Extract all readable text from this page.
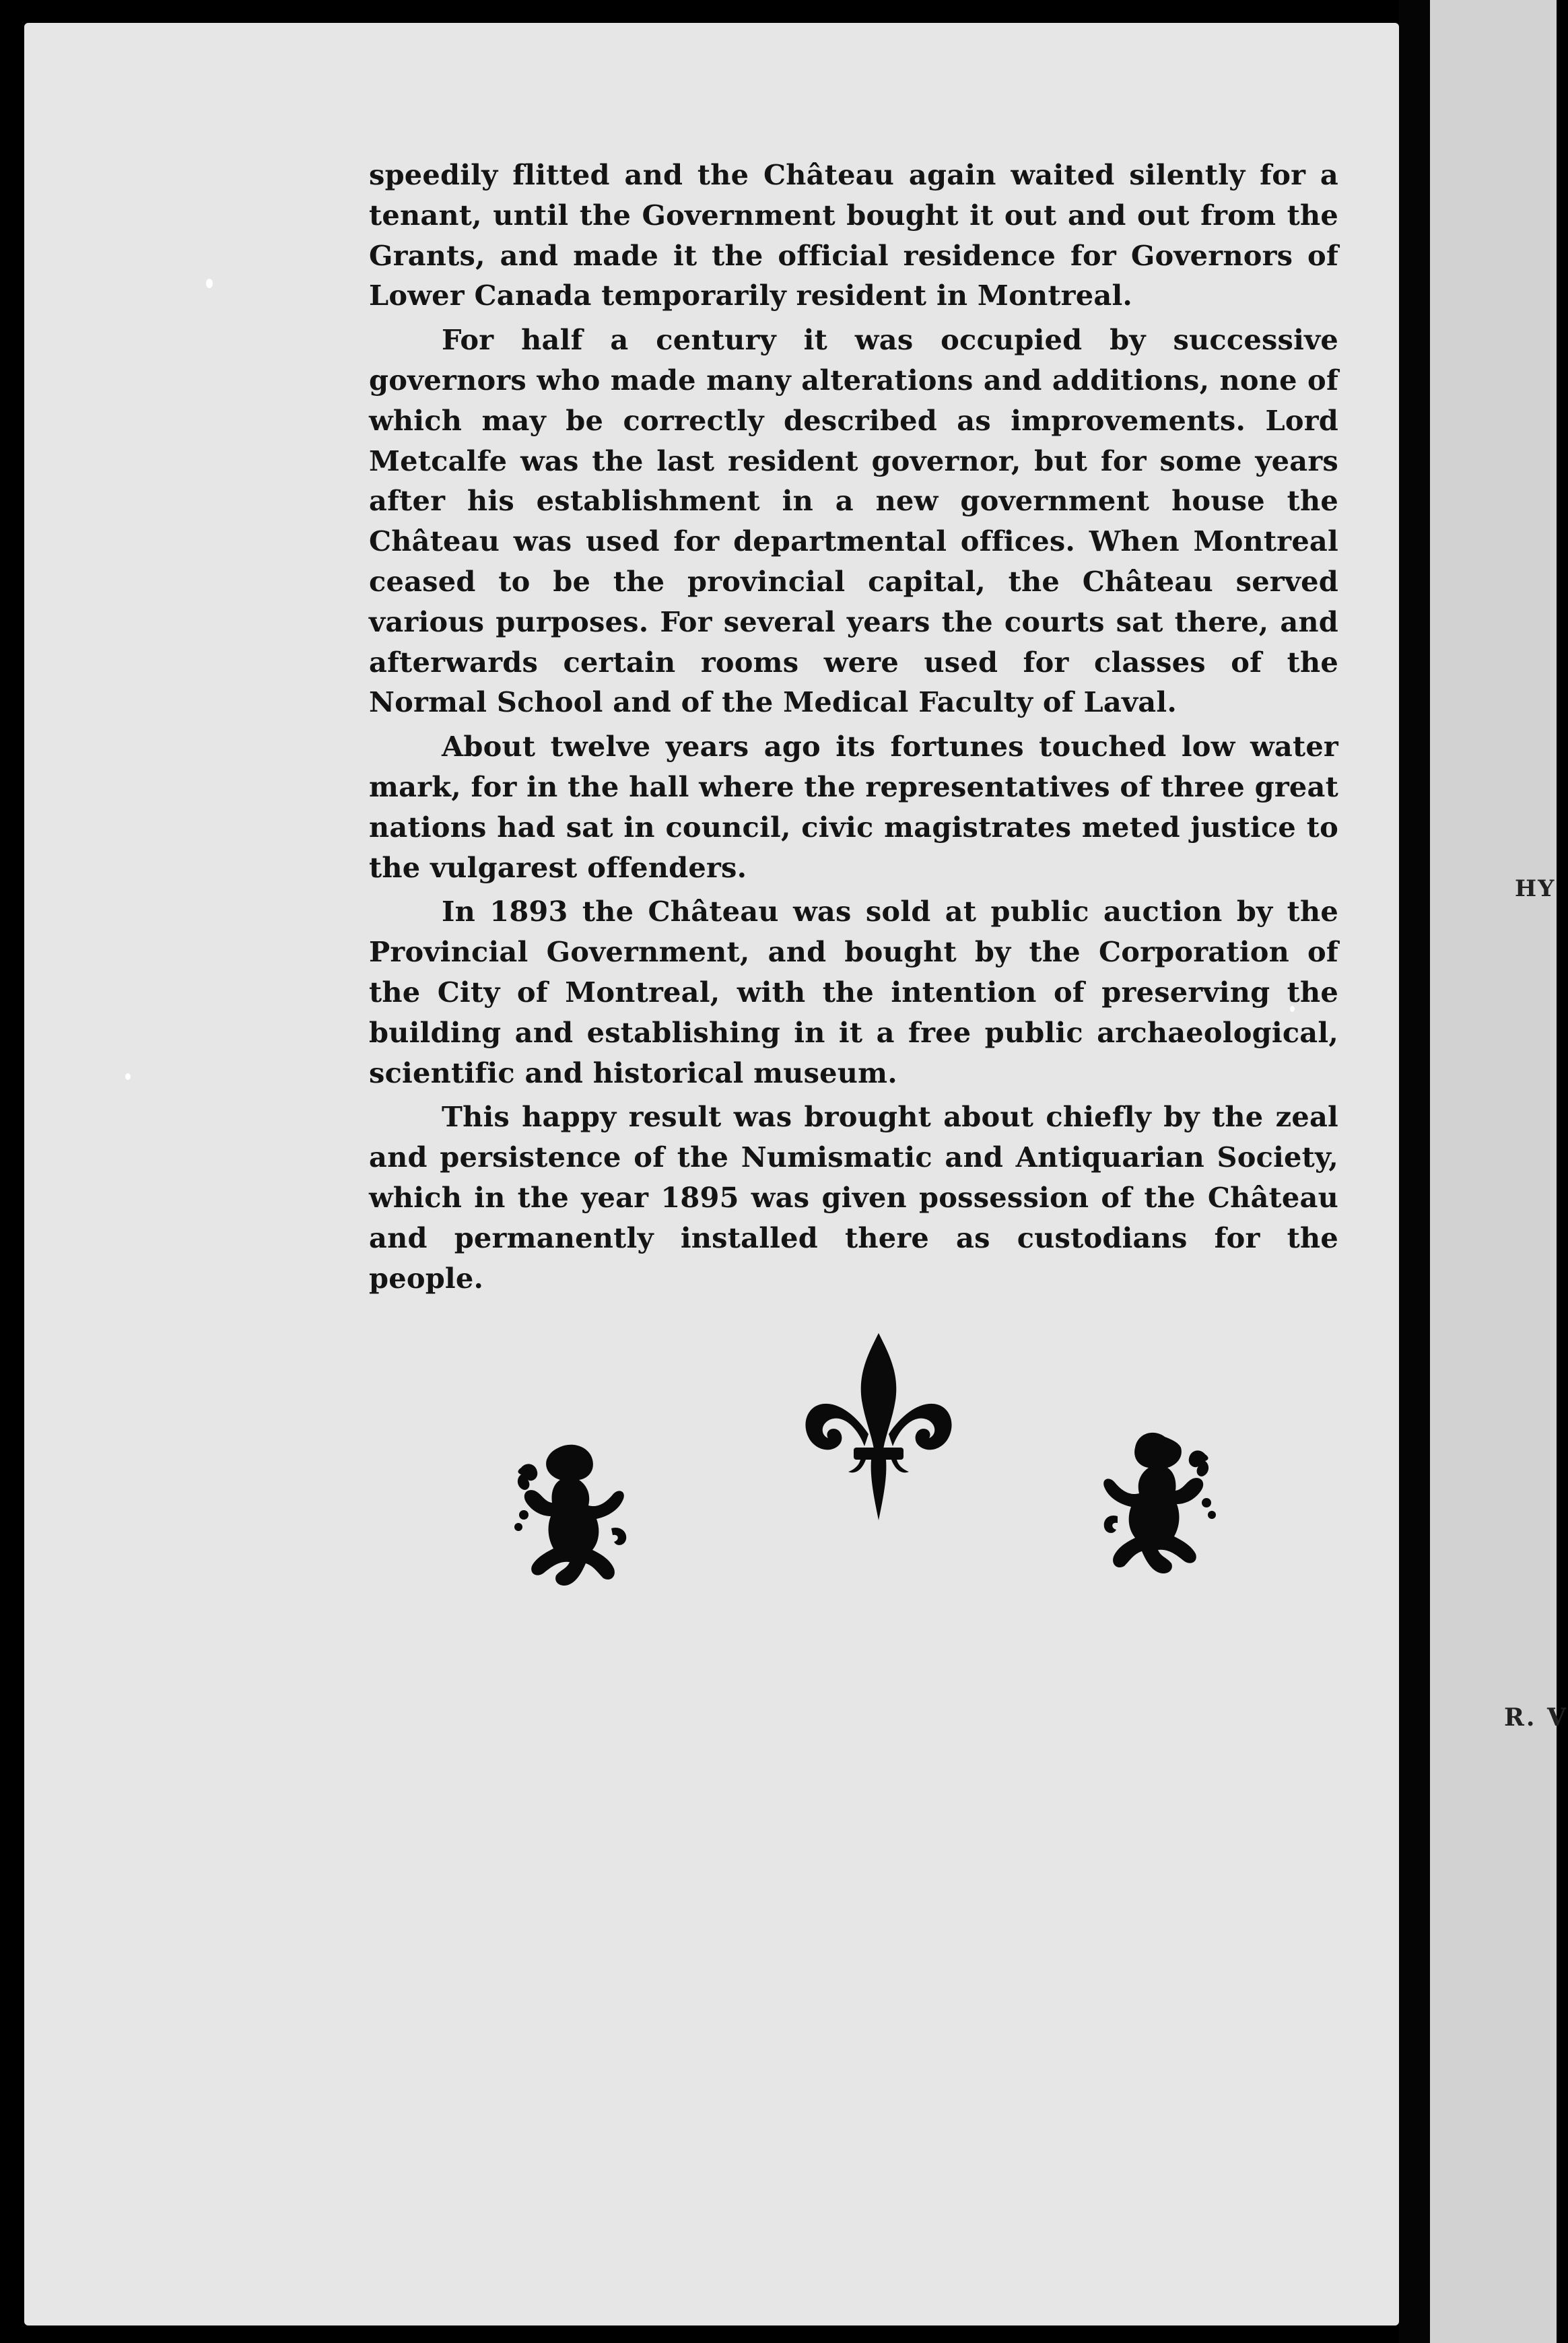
HY
R. V

speedily flitted and the Château again waited silently for a tenant, until the Government bought it out and out from the Grants, and made it the official residence for Governors of Lower Canada temporarily resident in Montreal.

For half a century it was occupied by successive governors who made many alterations and additions, none of which may be correctly described as improvements. Lord Metcalfe was the last resident governor, but for some years after his establishment in a new government house the Château was used for departmental offices. When Montreal ceased to be the provincial capital, the Château served various purposes. For several years the courts sat there, and afterwards certain rooms were used for classes of the Normal School and of the Medical Faculty of Laval.

About twelve years ago its fortunes touched low water mark, for in the hall where the representatives of three great nations had sat in council, civic magistrates meted justice to the vulgarest offenders.

In 1893 the Château was sold at public auction by the Provincial Government, and bought by the Corporation of the City of Montreal, with the intention of preserving the building and establishing in it a free public archaeological, scientific and historical museum.

This happy result was brought about chiefly by the zeal and persistence of the Numismatic and Antiquarian Society, which in the year 1895 was given possession of the Château and permanently installed there as custodians for the people.
